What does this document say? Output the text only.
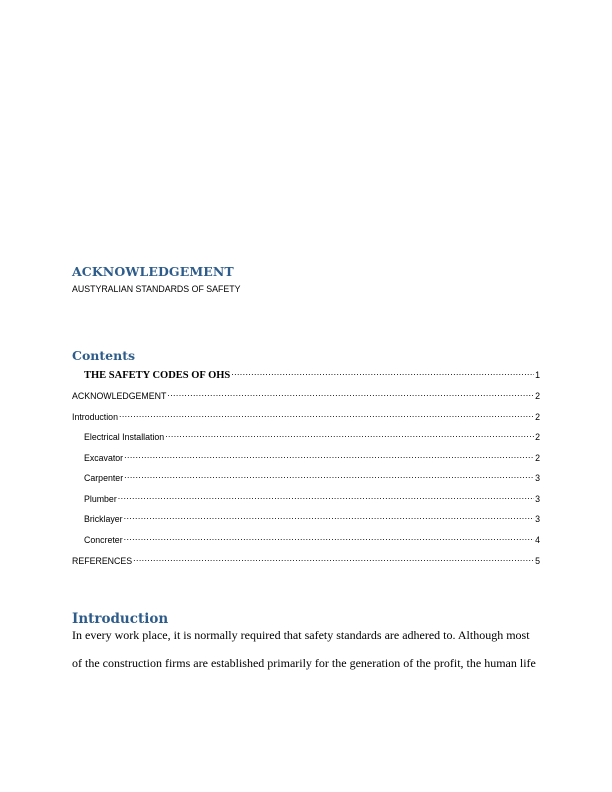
ACKNOWLEDGEMENT
AUSTYRALIAN STANDARDS OF SAFETY
Contents
THE SAFETY CODES OF OHS .....	1
ACKNOWLEDGEMENT .....	2
Introduction .....	2
Electrical Installation .....	2
Excavator .....	2
Carpenter .....	3
Plumber .....	3
Bricklayer .....	3
Concreter .....	4
REFERENCES .....	5
Introduction

In every work place, it is normally required that safety standards are adhered to. Although most

of the construction firms are established primarily for the generation of the profit, the human life
